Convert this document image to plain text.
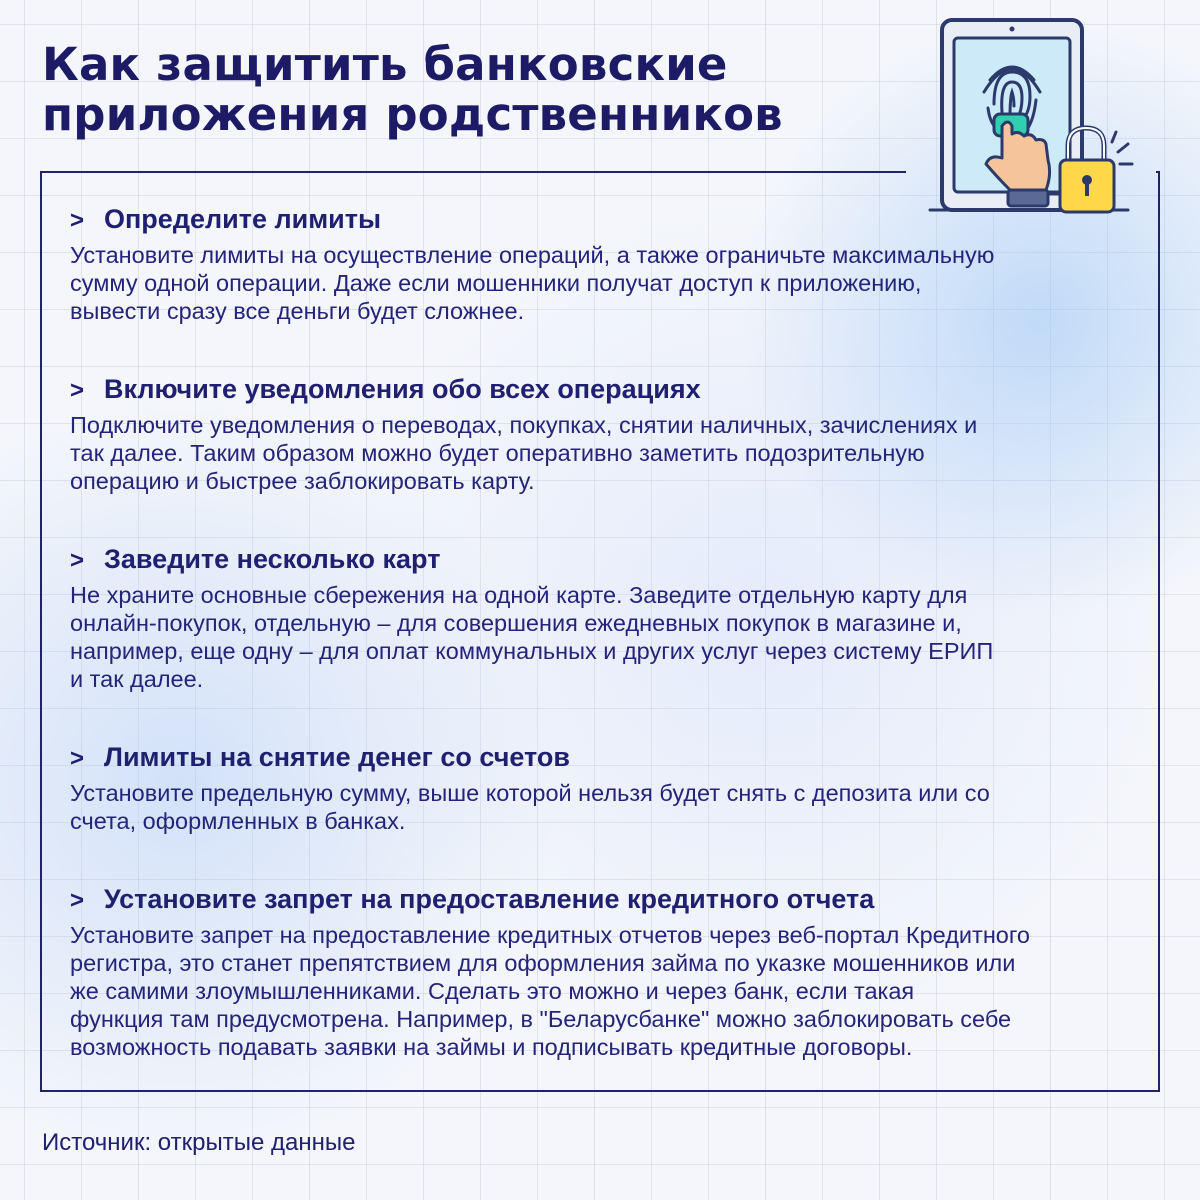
Как защитить банковские
приложения родственников
> Определите лимиты

Установите лимиты на осуществление операций, а также ограничьте максимальную
сумму одной операции. Даже если мошенники получат доступ к приложению,
вывести сразу все деньги будет сложнее.

> Включите уведомления обо всех операциях

Подключите уведомления о переводах, покупках, снятии наличных, зачислениях и
так далее. Таким образом можно будет оперативно заметить подозрительную
операцию и быстрее заблокировать карту.

> Заведите несколько карт

Не храните основные сбережения на одной карте. Заведите отдельную карту для
онлайн-покупок, отдельную – для совершения ежедневных покупок в магазине и,
например, еще одну – для оплат коммунальных и других услуг через систему ЕРИП
и так далее.

> Лимиты на снятие денег со счетов

Установите предельную сумму, выше которой нельзя будет снять с депозита или со
счета, оформленных в банках.

> Установите запрет на предоставление кредитного отчета

Установите запрет на предоставление кредитных отчетов через веб-портал Кредитного
регистра, это станет препятствием для оформления займа по указке мошенников или
же самими злоумышленниками. Сделать это можно и через банк, если такая
функция там предусмотрена. Например, в "Беларусбанке" можно заблокировать себе
возможность подавать заявки на займы и подписывать кредитные договоры.

Источник: открытые данные
